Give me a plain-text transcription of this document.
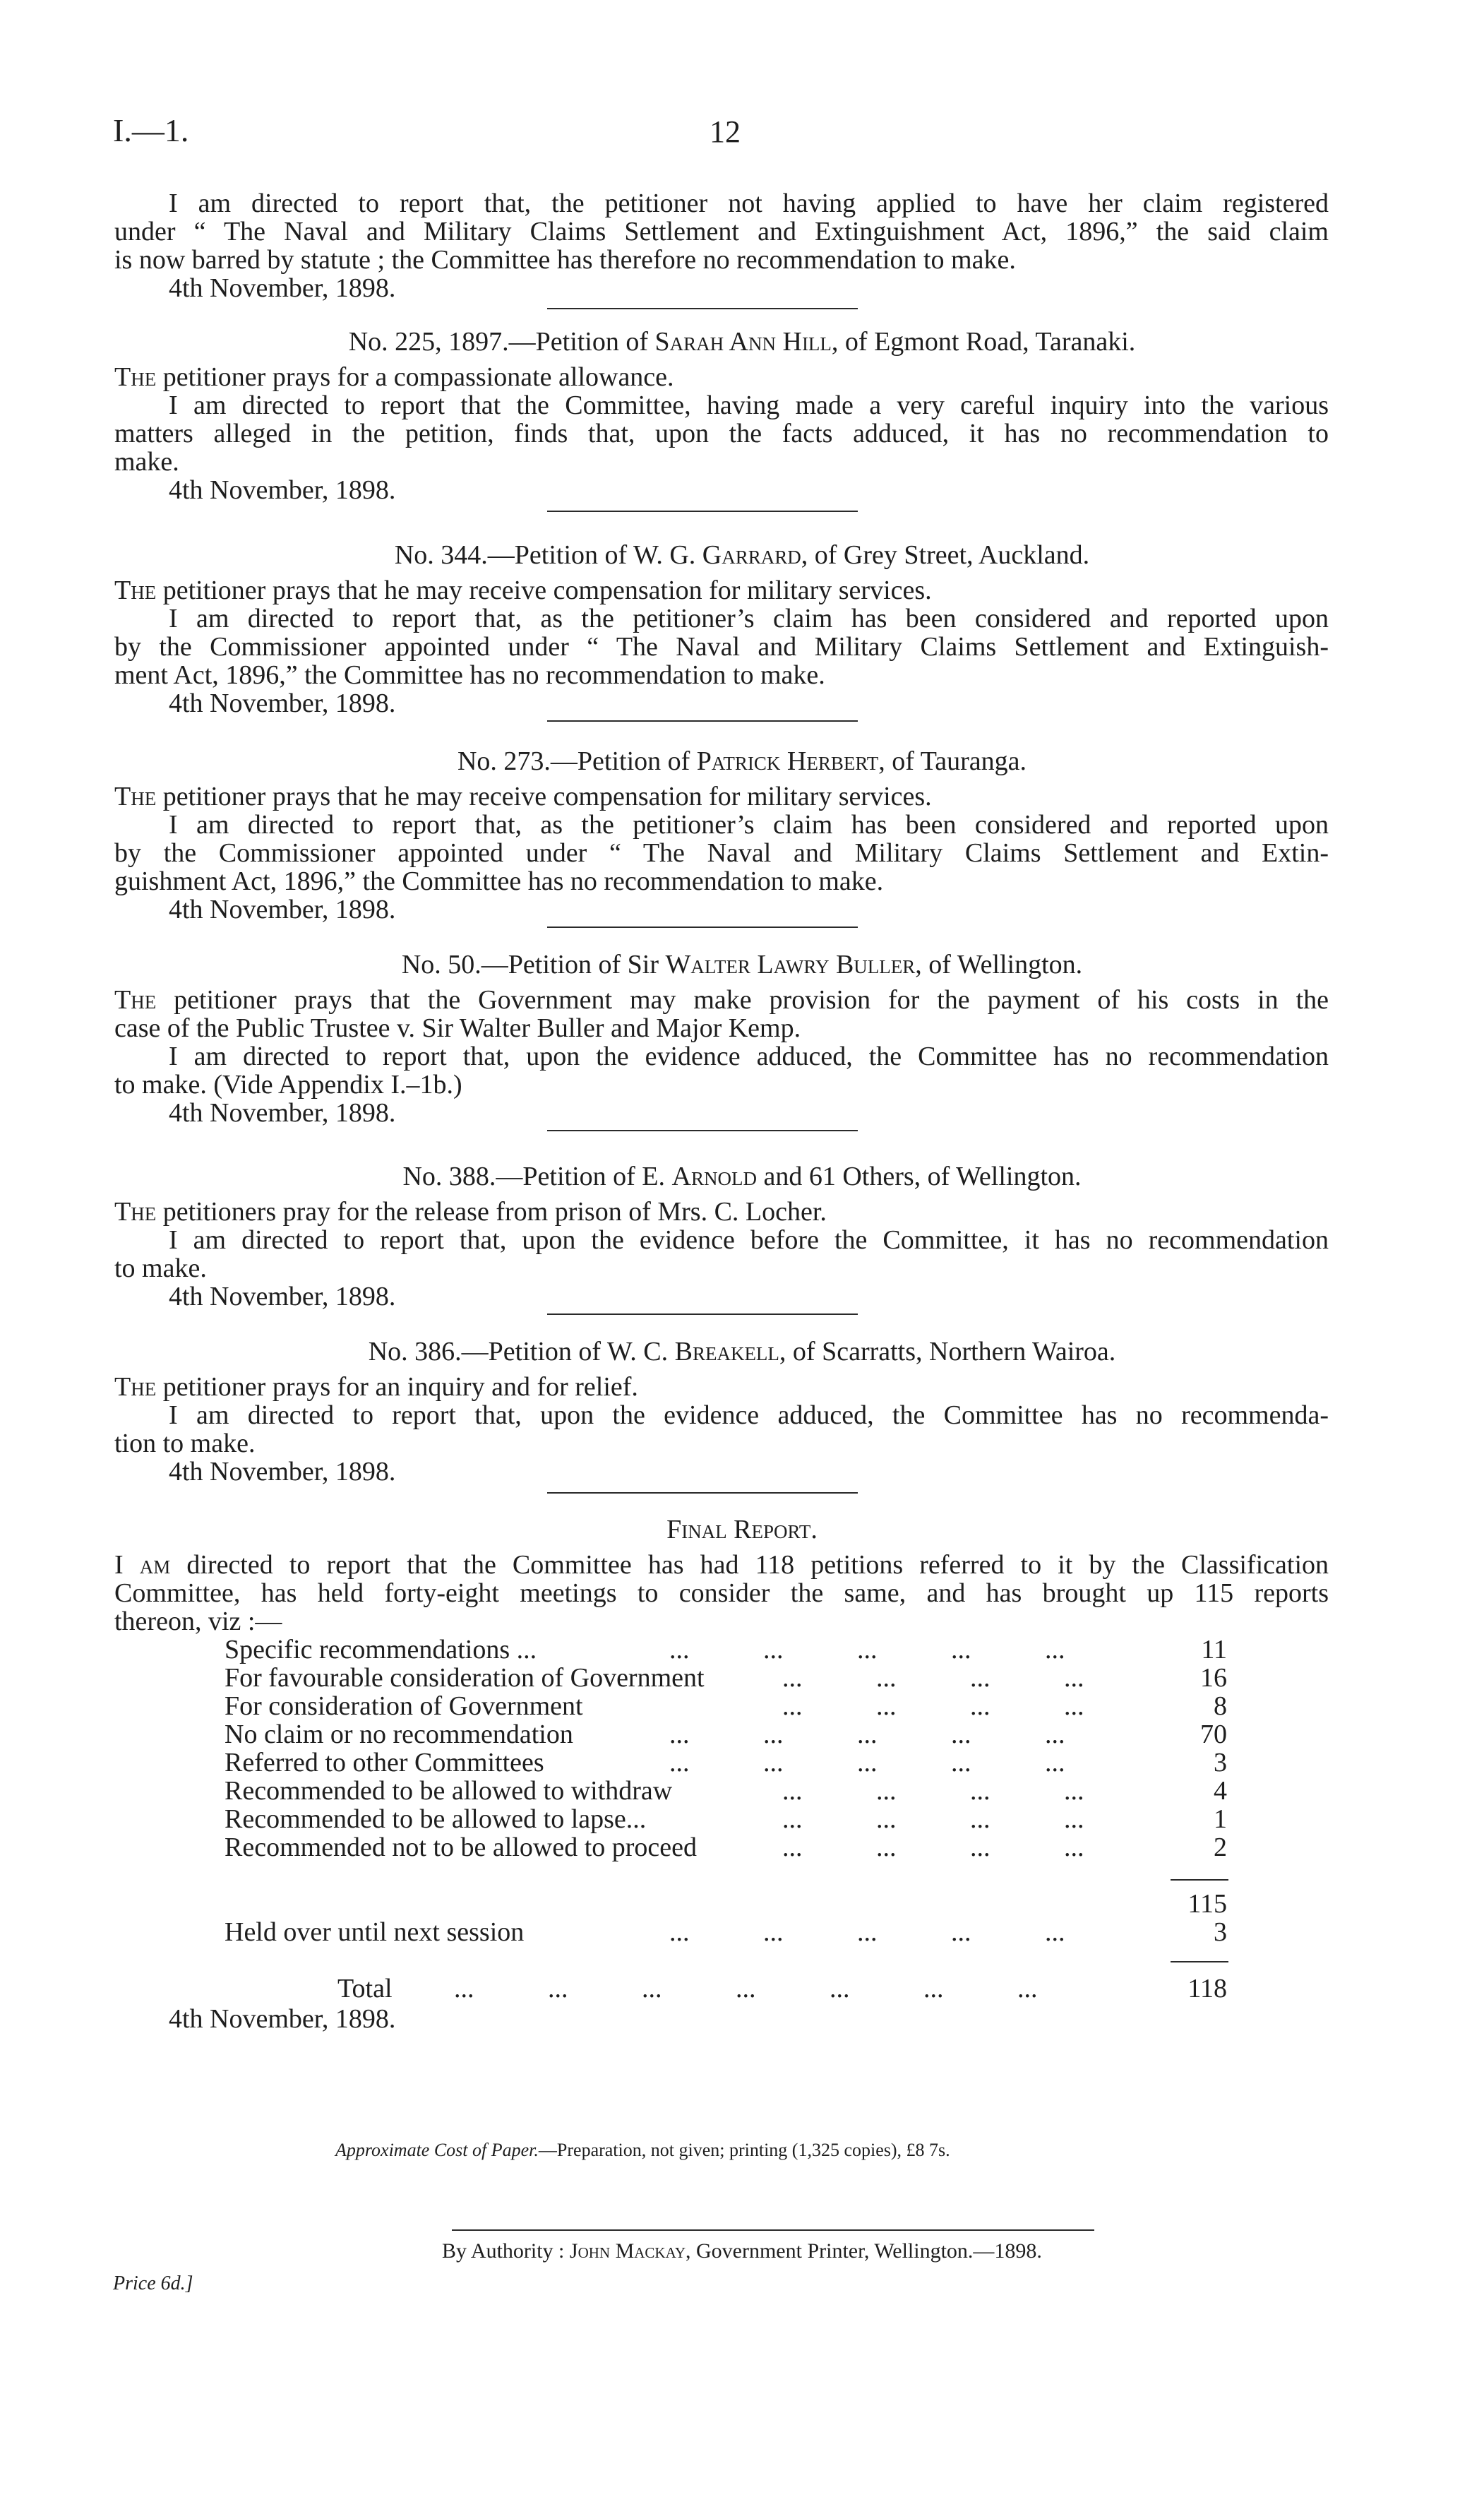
I.—1.	12
I am directed to report that, the petitioner not having applied to have her claim registered
under “ The Naval and Military Claims Settlement and Extinguishment Act, 1896,” the said claim
is now barred by statute ; the Committee has therefore no recommendation to make.
4th November, 1898.
No. 225, 1897.—Petition of Sarah Ann Hill, of Egmont Road, Taranaki.
The petitioner prays for a compassionate allowance.
I am directed to report that the Committee, having made a very careful inquiry into the various
matters alleged in the petition, finds that, upon the facts adduced, it has no recommendation to
make.
4th November, 1898.
No. 344.—Petition of W. G. Garrard, of Grey Street, Auckland.
The petitioner prays that he may receive compensation for military services.
I am directed to report that, as the petitioner’s claim has been considered and reported upon
by the Commissioner appointed under “ The Naval and Military Claims Settlement and Extinguish-
ment Act, 1896,” the Committee has no recommendation to make.
4th November, 1898.
No. 273.—Petition of Patrick Herbert, of Tauranga.
The petitioner prays that he may receive compensation for military services.
I am directed to report that, as the petitioner’s claim has been considered and reported upon
by the Commissioner appointed under “ The Naval and Military Claims Settlement and Extin-
guishment Act, 1896,” the Committee has no recommendation to make.
4th November, 1898.
No. 50.—Petition of Sir Walter Lawry Buller, of Wellington.
The petitioner prays that the Government may make provision for the payment of his costs in the
case of the Public Trustee v. Sir Walter Buller and Major Kemp.
I am directed to report that, upon the evidence adduced, the Committee has no recommendation
to make. (Vide Appendix I.–1b.)
4th November, 1898.
No. 388.—Petition of E. Arnold and 61 Others, of Wellington.
The petitioners pray for the release from prison of Mrs. C. Locher.
I am directed to report that, upon the evidence before the Committee, it has no recommendation
to make.
4th November, 1898.
No. 386.—Petition of W. C. Breakell, of Scarratts, Northern Wairoa.
The petitioner prays for an inquiry and for relief.
I am directed to report that, upon the evidence adduced, the Committee has no recommenda-
tion to make.
4th November, 1898.
Final Report.
I am directed to report that the Committee has had 118 petitions referred to it by the Classification
Committee, has held forty-eight meetings to consider the same, and has brought up 115 reports
thereon, viz :—
Specific recommendations ...	...           ...           ...           ...           ...	11
For favourable consideration of Government	...           ...           ...           ...	16
For consideration of Government	...           ...           ...           ...	8
No claim or no recommendation	...           ...           ...           ...           ...	70
Referred to other Committees	...           ...           ...           ...           ...	3
Recommended to be allowed to withdraw	...           ...           ...           ...	4
Recommended to be allowed to lapse...	...           ...           ...           ...	1
Recommended not to be allowed to proceed	...           ...           ...           ...	2
115
Held over until next session	...           ...           ...           ...           ...	3
Total ...           ...           ...           ...           ...           ...           ...	118
4th November, 1898.
Approximate Cost of Paper.—Preparation, not given; printing (1,325 copies), £8 7s.
By Authority : John Mackay, Government Printer, Wellington.—1898.
Price 6d.]
